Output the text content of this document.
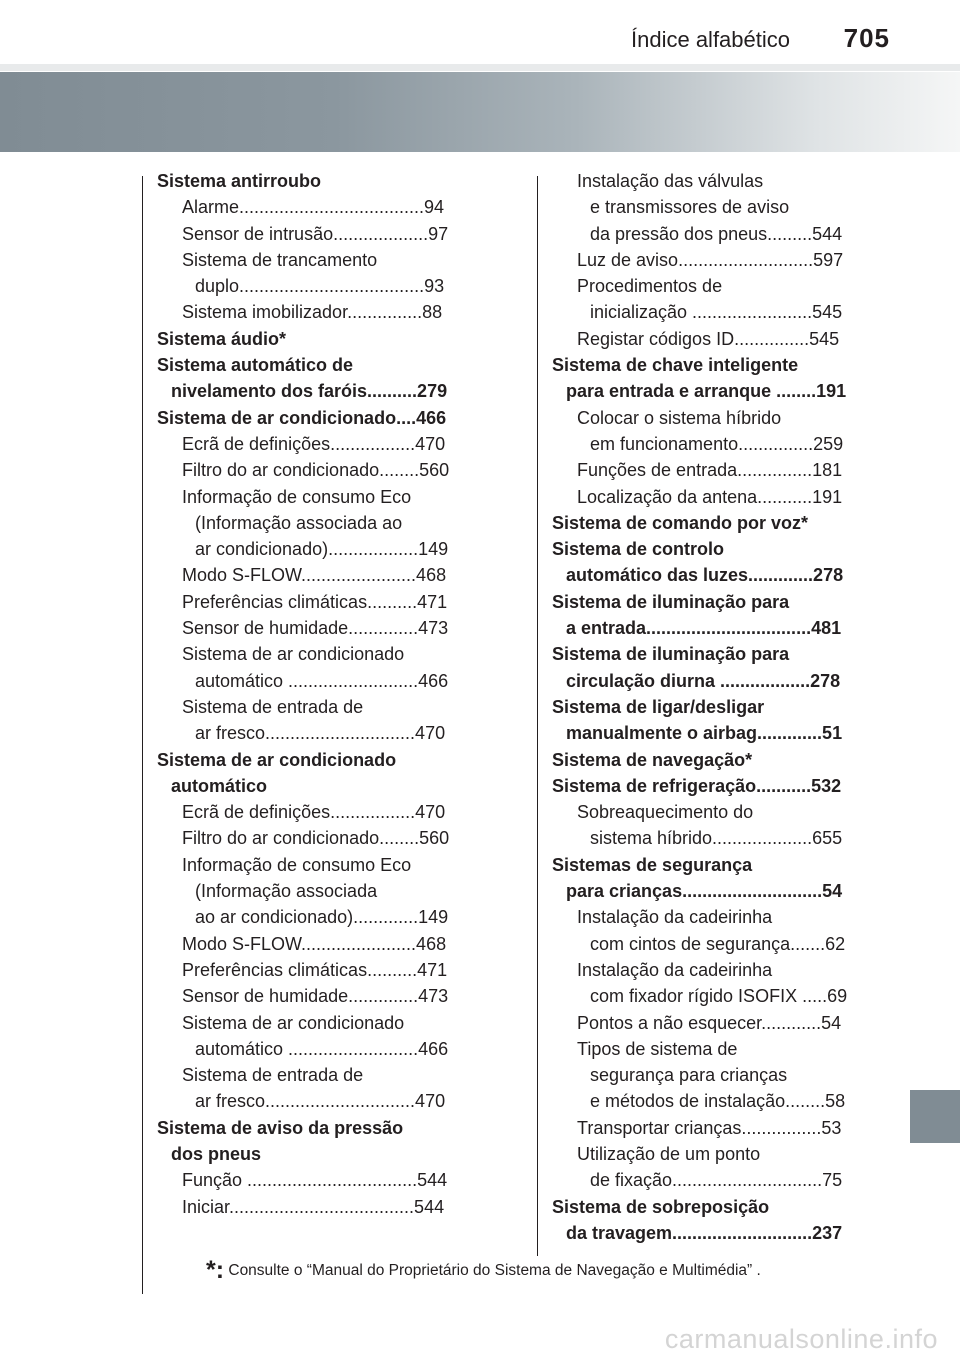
Índice alfabético 705
Sistema antirroubo
Alarme.....................................94
Sensor de intrusão...................97
Sistema de trancamento
duplo.....................................93
Sistema imobilizador...............88
Sistema áudio*
Sistema automático de
nivelamento dos faróis..........279
Sistema de ar condicionado....466
Ecrã de definições.................470
Filtro do ar condicionado........560
Informação de consumo Eco
(Informação associada ao
ar condicionado)..................149
Modo S-FLOW.......................468
Preferências climáticas..........471
Sensor de humidade..............473
Sistema de ar condicionado
automático ..........................466
Sistema de entrada de
ar fresco..............................470
Sistema de ar condicionado
automático
Ecrã de definições.................470
Filtro do ar condicionado........560
Informação de consumo Eco
(Informação associada
ao ar condicionado).............149
Modo S-FLOW.......................468
Preferências climáticas..........471
Sensor de humidade..............473
Sistema de ar condicionado
automático ..........................466
Sistema de entrada de
ar fresco..............................470
Sistema de aviso da pressão
dos pneus
Função ..................................544
Iniciar.....................................544
Instalação das válvulas
e transmissores de aviso
da pressão dos pneus.........544
Luz de aviso...........................597
Procedimentos de
inicialização ........................545
Registar códigos ID...............545
Sistema de chave inteligente
para entrada e arranque ........191
Colocar o sistema híbrido
em funcionamento...............259
Funções de entrada...............181
Localização da antena...........191
Sistema de comando por voz*
Sistema de controlo
automático das luzes.............278
Sistema de iluminação para
a entrada.................................481
Sistema de iluminação para
circulação diurna ..................278
Sistema de ligar/desligar
manualmente o airbag.............51
Sistema de navegação*
Sistema de refrigeração...........532
Sobreaquecimento do
sistema híbrido....................655
Sistemas de segurança
para crianças............................54
Instalação da cadeirinha
com cintos de segurança.......62
Instalação da cadeirinha
com fixador rígido ISOFIX .....69
Pontos a não esquecer............54
Tipos de sistema de
segurança para crianças
e métodos de instalação........58
Transportar crianças................53
Utilização de um ponto
de fixação..............................75
Sistema de sobreposição
da travagem............................237
*: Consulte o “Manual do Proprietário do Sistema de Navegação e Multimédia” .
carmanualsonline.info
